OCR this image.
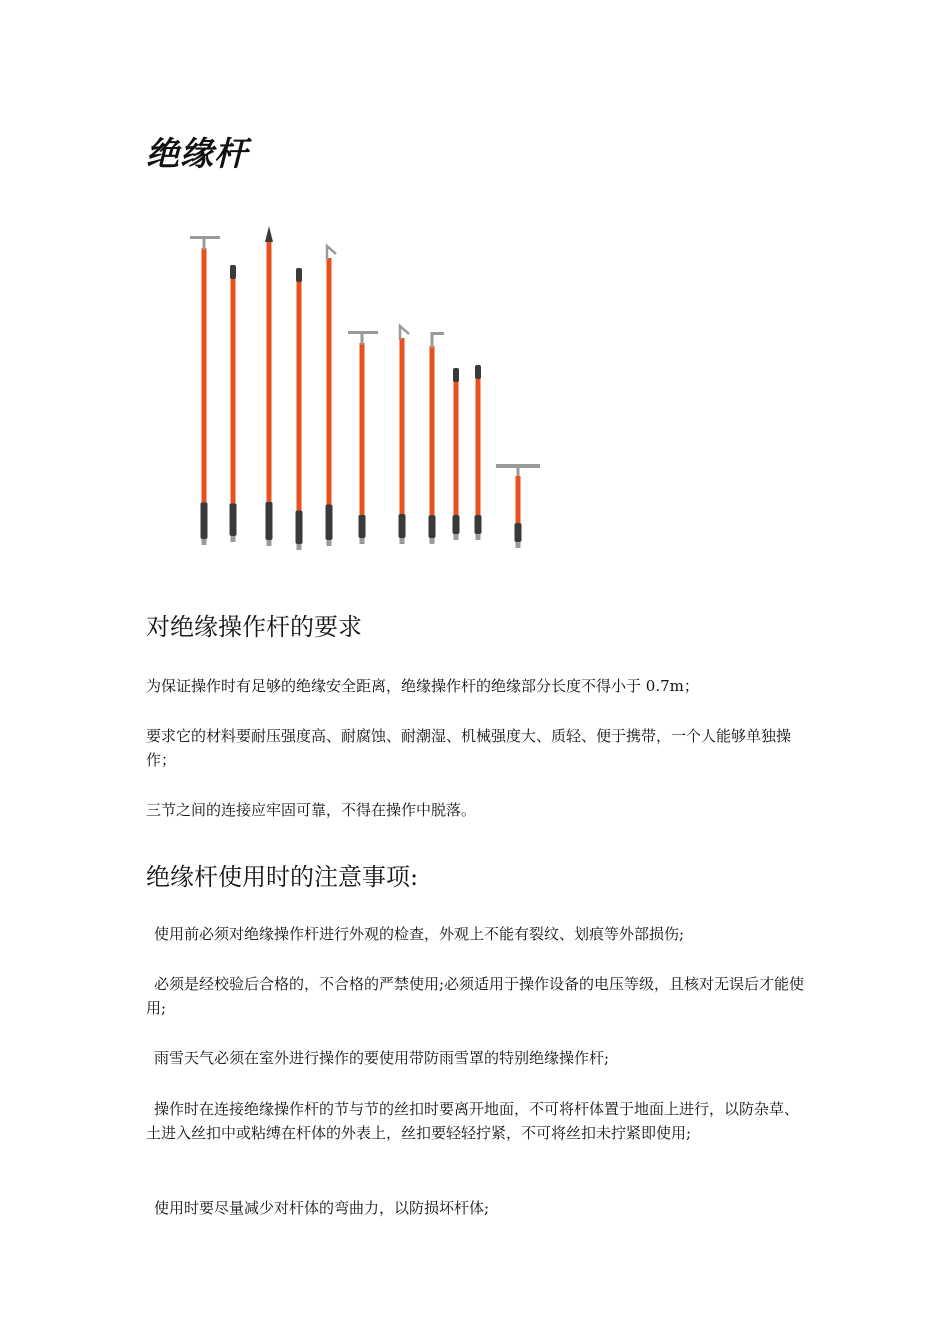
绝缘杆
对绝缘操作杆的要求
为保证操作时有足够的绝缘安全距离，绝缘操作杆的绝缘部分长度不得小于 0.7m；
要求它的材料要耐压强度高、耐腐蚀、耐潮湿、机械强度大、质轻、便于携带，一个人能够单独操作；
三节之间的连接应牢固可靠，不得在操作中脱落。
绝缘杆使用时的注意事项:
使用前必须对绝缘操作杆进行外观的检查，外观上不能有裂纹、划痕等外部损伤;
必须是经校验后合格的，不合格的严禁使用;必须适用于操作设备的电压等级，且核对无误后才能使用;
雨雪天气必须在室外进行操作的要使用带防雨雪罩的特别绝缘操作杆;
操作时在连接绝缘操作杆的节与节的丝扣时要离开地面，不可将杆体置于地面上进行，以防杂草、土进入丝扣中或粘缚在杆体的外表上，丝扣要轻轻拧紧，不可将丝扣未拧紧即使用;
使用时要尽量减少对杆体的弯曲力，以防损坏杆体;
